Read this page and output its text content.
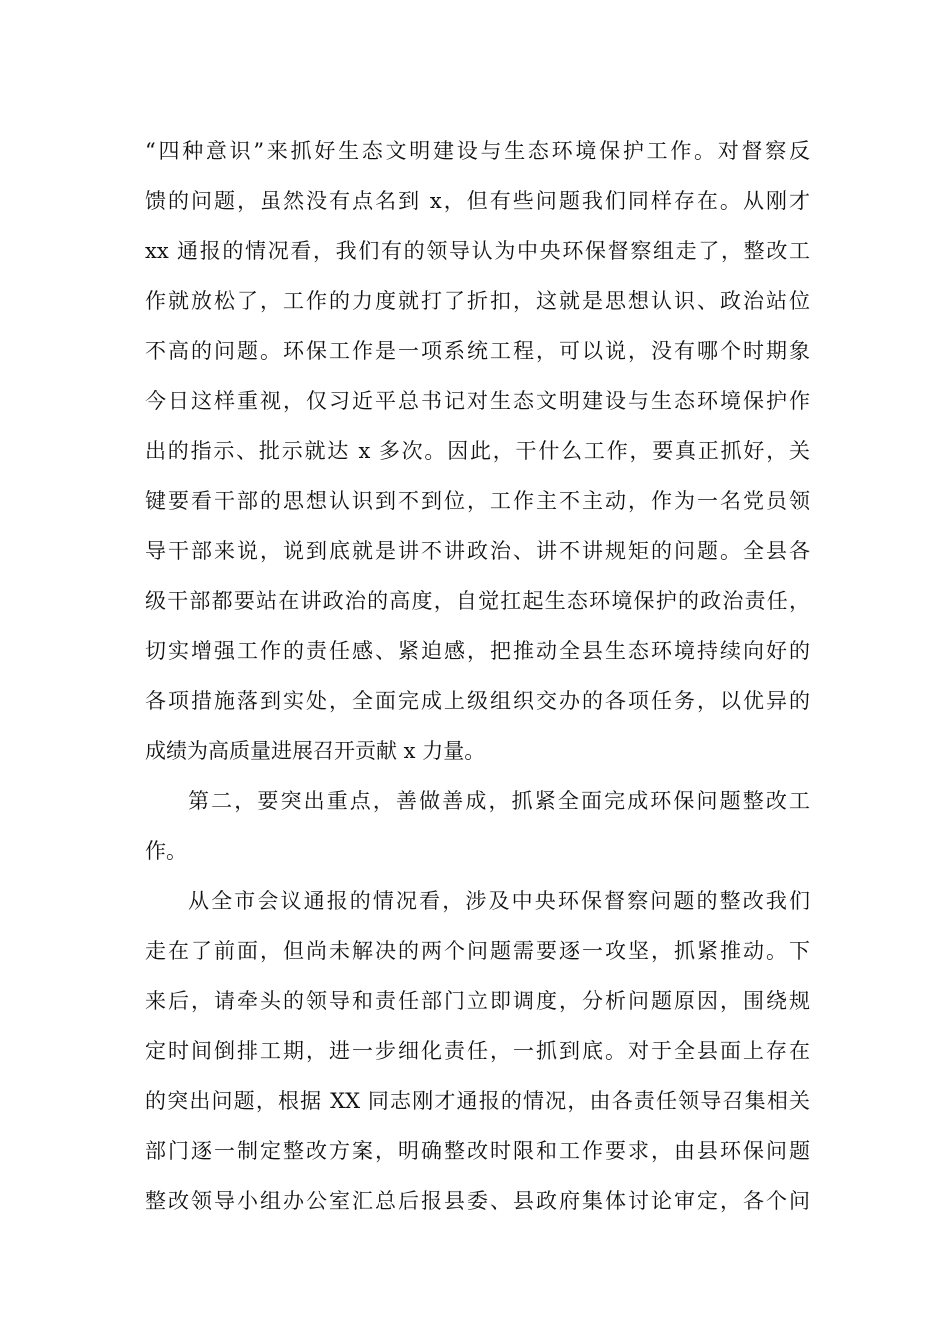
“四种意识”来抓好生态文明建设与生态环境保护工作。对督察反
馈的问题，虽然没有点名到 x，但有些问题我们同样存在。从刚才
xx 通报的情况看，我们有的领导认为中央环保督察组走了，整改工
作就放松了，工作的力度就打了折扣，这就是思想认识、政治站位
不高的问题。环保工作是一项系统工程，可以说，没有哪个时期象
今日这样重视，仅习近平总书记对生态文明建设与生态环境保护作
出的指示、批示就达 x 多次。因此，干什么工作，要真正抓好，关
键要看干部的思想认识到不到位，工作主不主动，作为一名党员领
导干部来说，说到底就是讲不讲政治、讲不讲规矩的问题。全县各
级干部都要站在讲政治的高度，自觉扛起生态环境保护的政治责任，
切实增强工作的责任感、紧迫感，把推动全县生态环境持续向好的
各项措施落到实处，全面完成上级组织交办的各项任务，以优异的
成绩为高质量进展召开贡献 x 力量。
第二，要突出重点，善做善成，抓紧全面完成环保问题整改工
作。
从全市会议通报的情况看，涉及中央环保督察问题的整改我们
走在了前面，但尚未解决的两个问题需要逐一攻坚，抓紧推动。下
来后，请牵头的领导和责任部门立即调度，分析问题原因，围绕规
定时间倒排工期，进一步细化责任，一抓到底。对于全县面上存在
的突出问题，根据 XX 同志刚才通报的情况，由各责任领导召集相关
部门逐一制定整改方案，明确整改时限和工作要求，由县环保问题
整改领导小组办公室汇总后报县委、县政府集体讨论审定，各个问
